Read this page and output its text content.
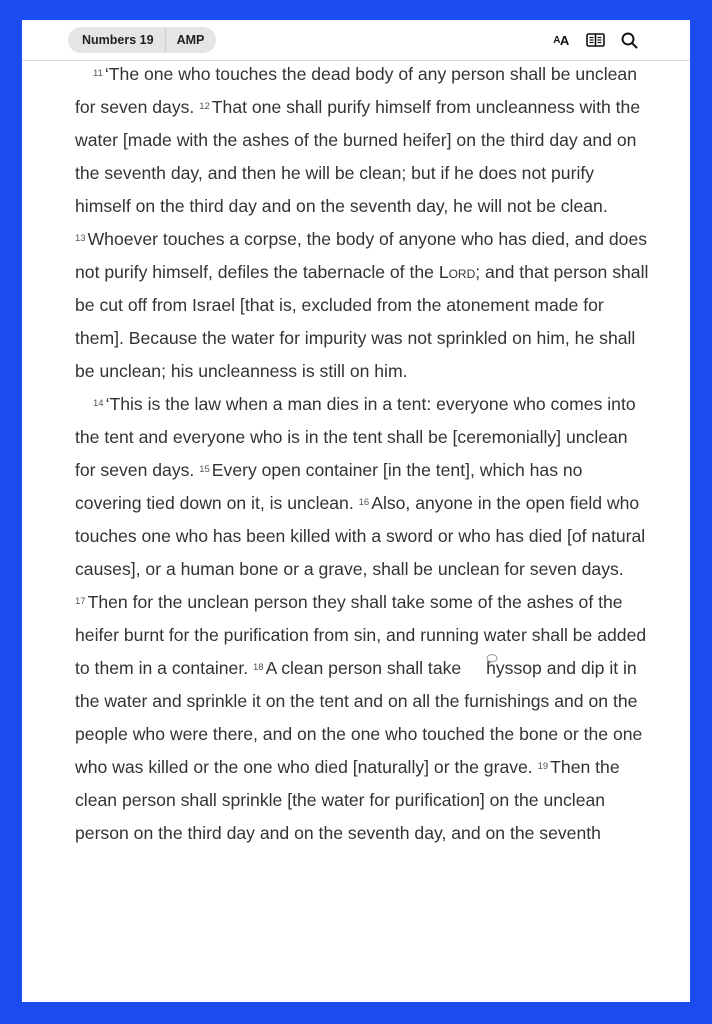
Numbers 19	AMP	A A

$^{11}$ ‘The one who touches the dead body of any person shall be unclean for seven days. $^{12}$ That one shall purify himself from uncleanness with the water [made with the ashes of the burned heifer] on the third day and on the seventh day, and then he will be clean; but if he does not purify himself on the third day and on the seventh day, he will not be clean. $^{13}$ Whoever touches a corpse, the body of anyone who has died, and does not purify himself, defiles the tabernacle of the Lord; and that person shall be cut off from Israel [that is, excluded from the atonement made for them]. Because the water for impurity was not sprinkled on him, he shall be unclean; his uncleanness is still on him.

$^{14}$ ‘This is the law when a man dies in a tent: everyone who comes into the tent and everyone who is in the tent shall be [ceremonially] unclean for seven days. $^{15}$ Every open container [in the tent], which has no covering tied down on it, is unclean. $^{16}$ Also, anyone in the open field who touches one who has been killed with a sword or who has died [of natural causes], or a human bone or a grave, shall be unclean for seven days. $^{17}$ Then for the unclean person they shall take some of the ashes of the heifer burnt for the purification from sin, and running water shall be added to them in a container. $^{18}$ A clean person shall take hyssop and dip it in the water and sprinkle it on the tent and on all the furnishings and on the people who were there, and on the one who touched the bone or the one who was killed or the one who died [naturally] or the grave. $^{19}$ Then the clean person shall sprinkle [the water for purification] on the unclean person on the third day and on the seventh day, and on the seventh
